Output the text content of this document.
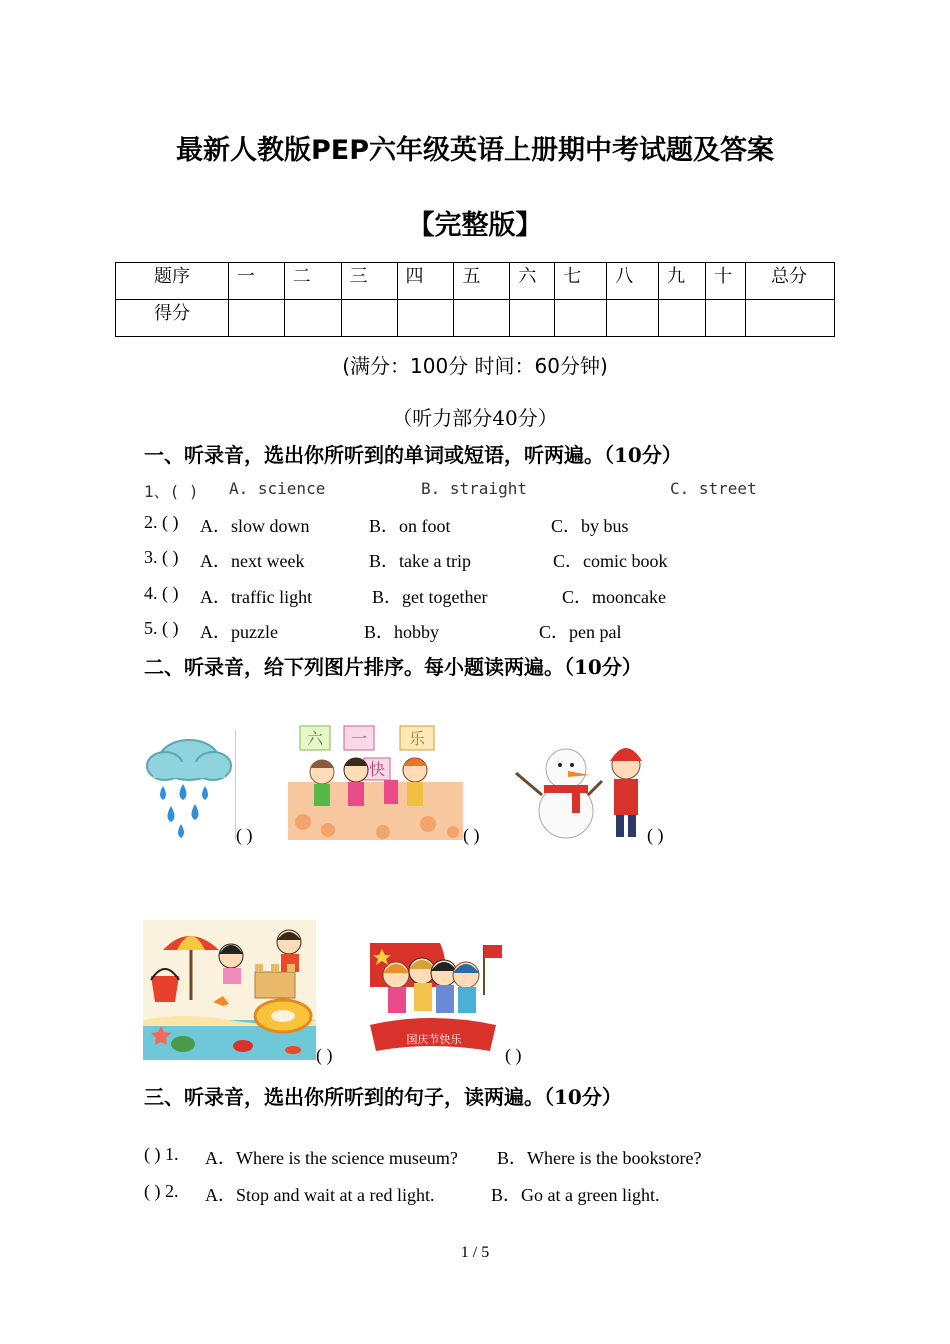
最新人教版PEP六年级英语上册期中考试题及答案
【完整版】
题序	一	二	三	四	五	六	七	八	九	十	总分
得分											
(满分：100分 时间：60分钟)
（听力部分40分）
一、听录音，选出你所听到的单词或短语，听两遍。（10分）
1、( ) A. science	B. straight	C. street
2. ( ) A．slow down	B．on foot	C．by bus
3. ( ) A．next week	B．take a trip	C．comic book
4. ( ) A．traffic light	B．get together	C．mooncake
5. ( ) A．puzzle	B．hobby	C．pen pal
二、听录音，给下列图片排序。每小题读两遍。（10分）
( )
六 一
快
乐
( )	( )
( )
国庆节快乐
( )
三、听录音，选出你所听到的句子，读两遍。（10分）
( ) 1. A．Where is the science museum? B．Where is the bookstore?
( ) 2. A．Stop and wait at a red light.	B．Go at a green light.
1 / 5
